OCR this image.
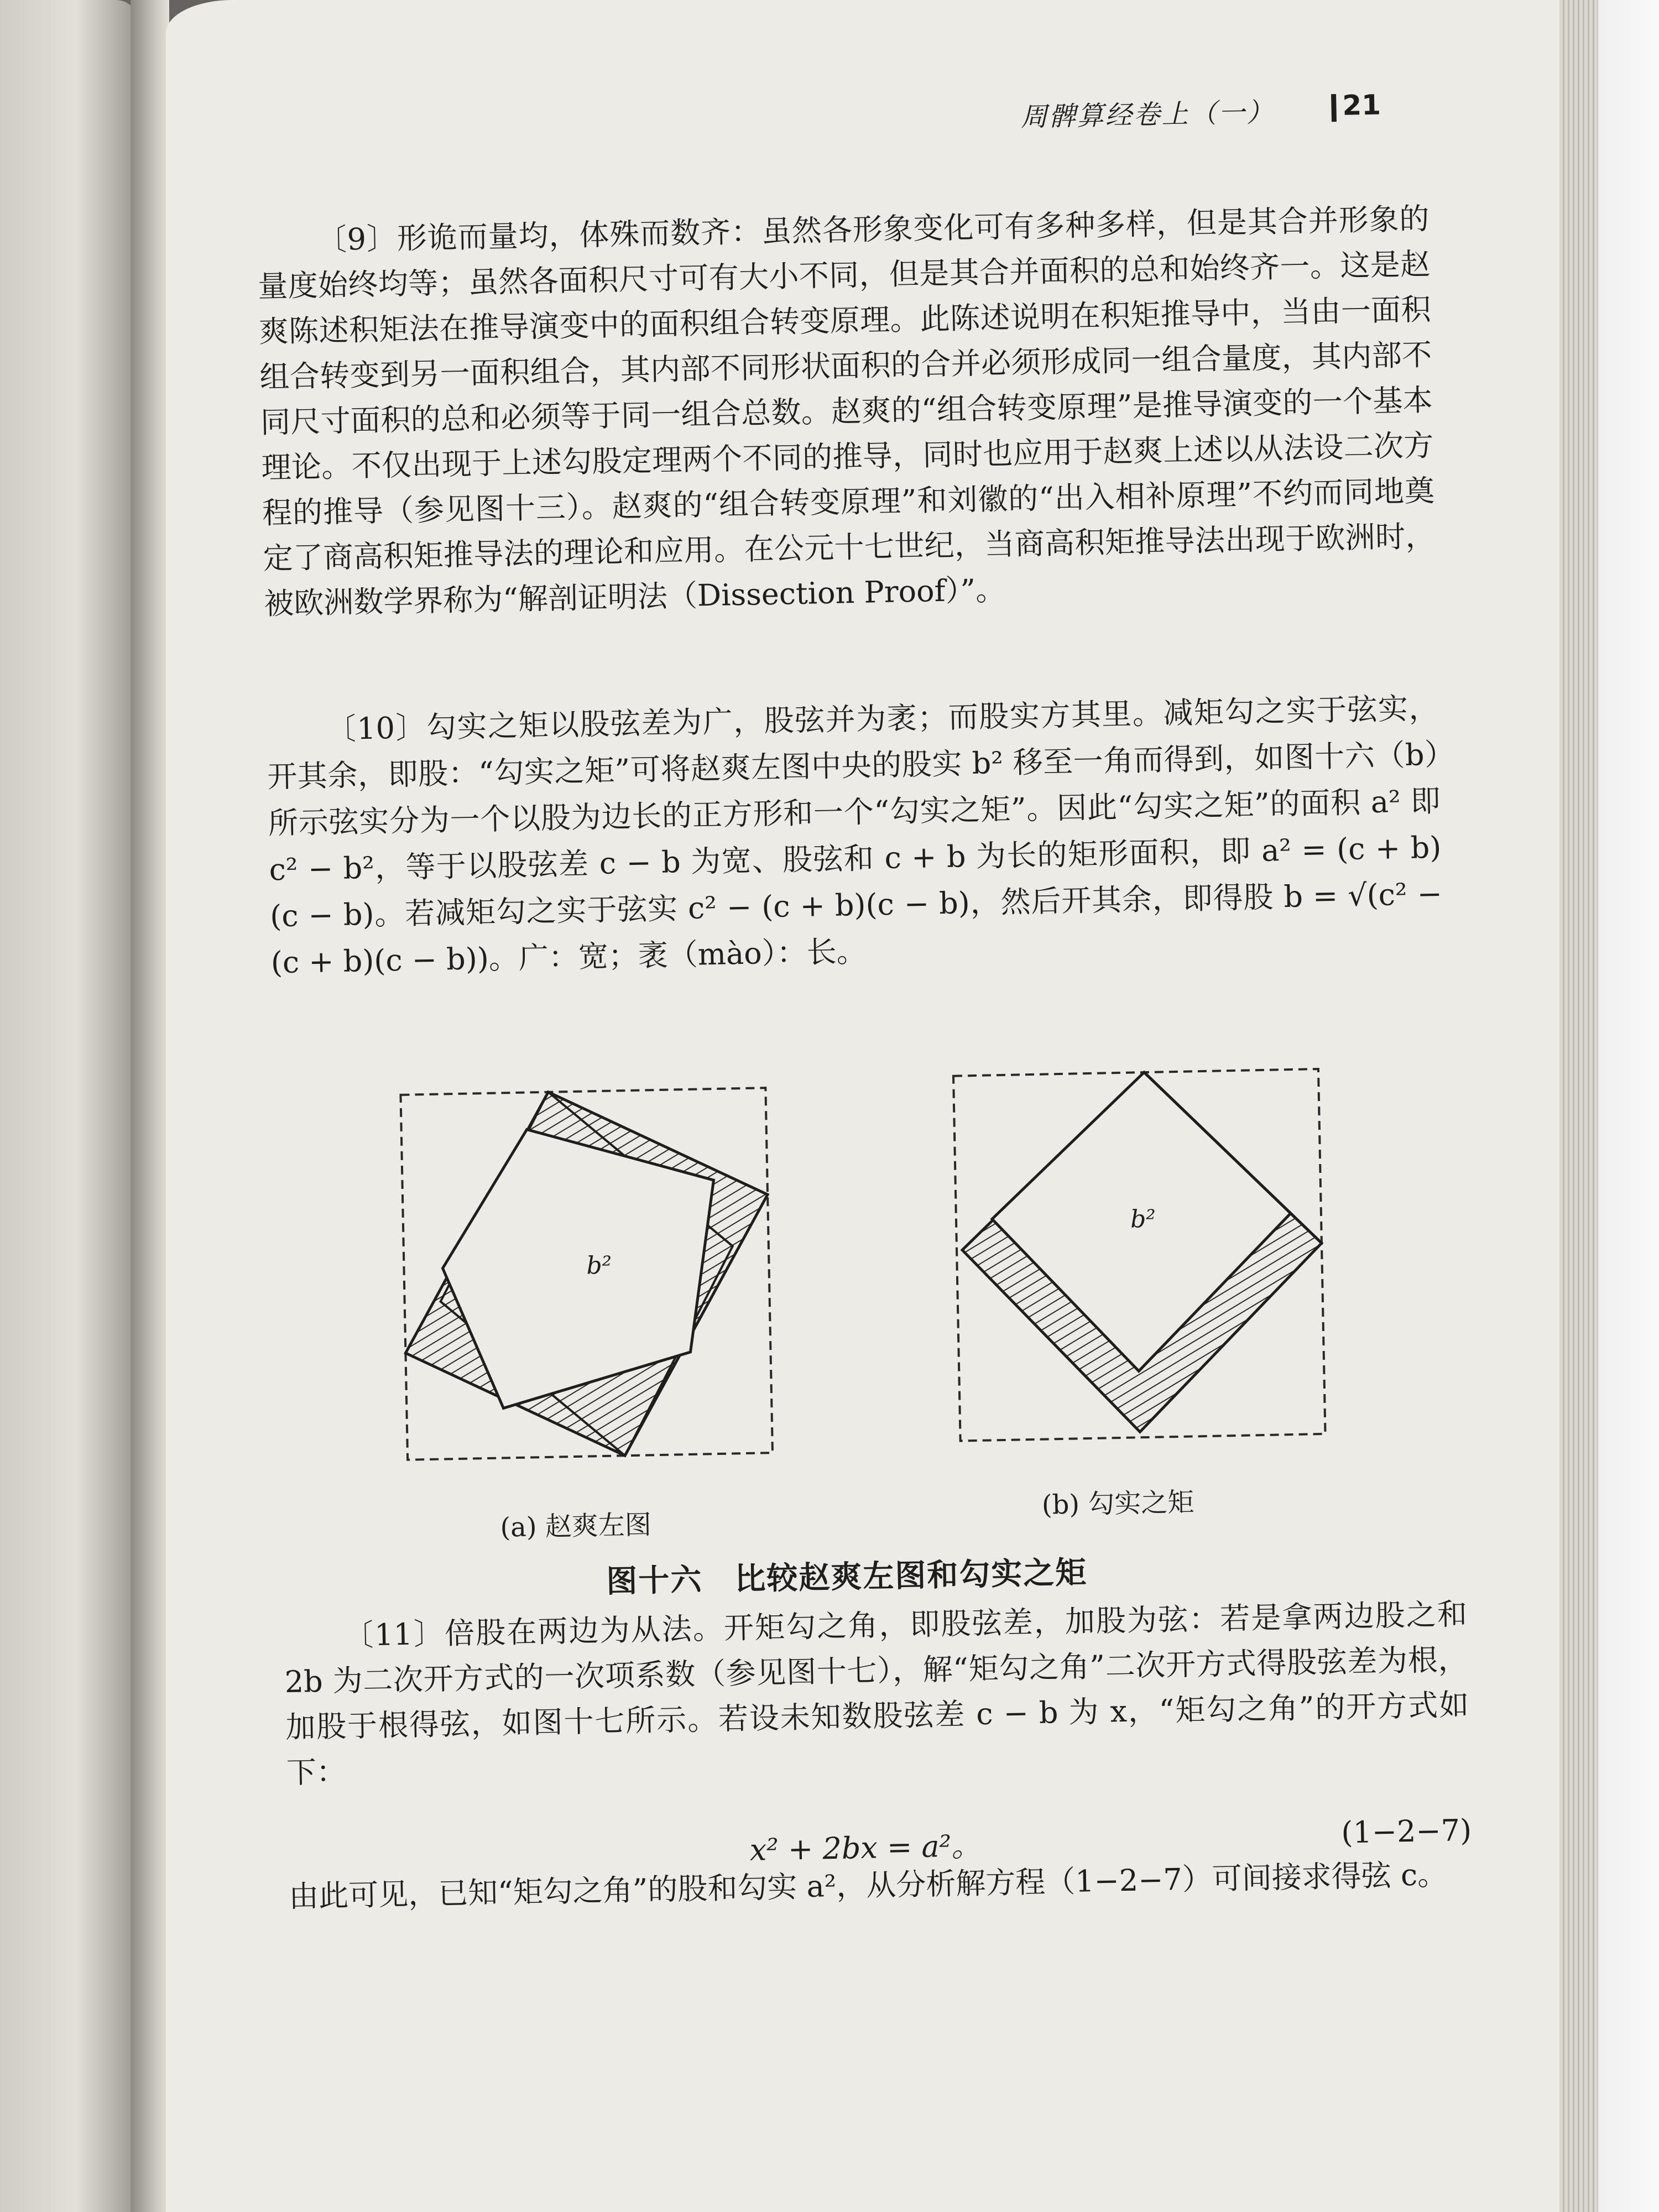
周髀算经卷上（一） 21
〔9〕形诡而量均，体殊而数齐：虽然各形象变化可有多种多样，但是其合并形象的量度始终均等；虽然各面积尺寸可有大小不同，但是其合并面积的总和始终齐一。这是赵爽陈述积矩法在推导演变中的面积组合转变原理。此陈述说明在积矩推导中，当由一面积组合转变到另一面积组合，其内部不同形状面积的合并必须形成同一组合量度，其内部不同尺寸面积的总和必须等于同一组合总数。赵爽的“组合转变原理”是推导演变的一个基本理论。不仅出现于上述勾股定理两个不同的推导，同时也应用于赵爽上述以从法设二次方程的推导（参见图十三）。赵爽的“组合转变原理”和刘徽的“出入相补原理”不约而同地奠定了商高积矩推导法的理论和应用。在公元十七世纪，当商高积矩推导法出现于欧洲时，被欧洲数学界称为“解剖证明法（Dissection Proof）”。
〔10〕勾实之矩以股弦差为广，股弦并为袤；而股实方其里。减矩勾之实于弦实，开其余，即股：“勾实之矩”可将赵爽左图中央的股实 b² 移至一角而得到，如图十六（b）所示弦实分为一个以股为边长的正方形和一个“勾实之矩”。因此“勾实之矩”的面积 a² 即 c² − b²，等于以股弦差 c − b 为宽、股弦和 c + b 为长的矩形面积，即 a² = (c + b)(c − b)。若减矩勾之实于弦实 c² − (c + b)(c − b)，然后开其余，即得股 b = √(c² − (c + b)(c − b))。广：宽；袤（mào）：长。
b²
b²
(a) 赵爽左图
(b) 勾实之矩
图十六　比较赵爽左图和勾实之矩
〔11〕倍股在两边为从法。开矩勾之角，即股弦差，加股为弦：若是拿两边股之和 2b 为二次开方式的一次项系数（参见图十七），解“矩勾之角”二次开方式得股弦差为根，加股于根得弦，如图十七所示。若设未知数股弦差 c − b 为 x，“矩勾之角”的开方式如下：
x² + 2bx = a²。	(1−2−7)
由此可见，已知“矩勾之角”的股和勾实 a²，从分析解方程（1−2−7）可间接求得弦 c。
